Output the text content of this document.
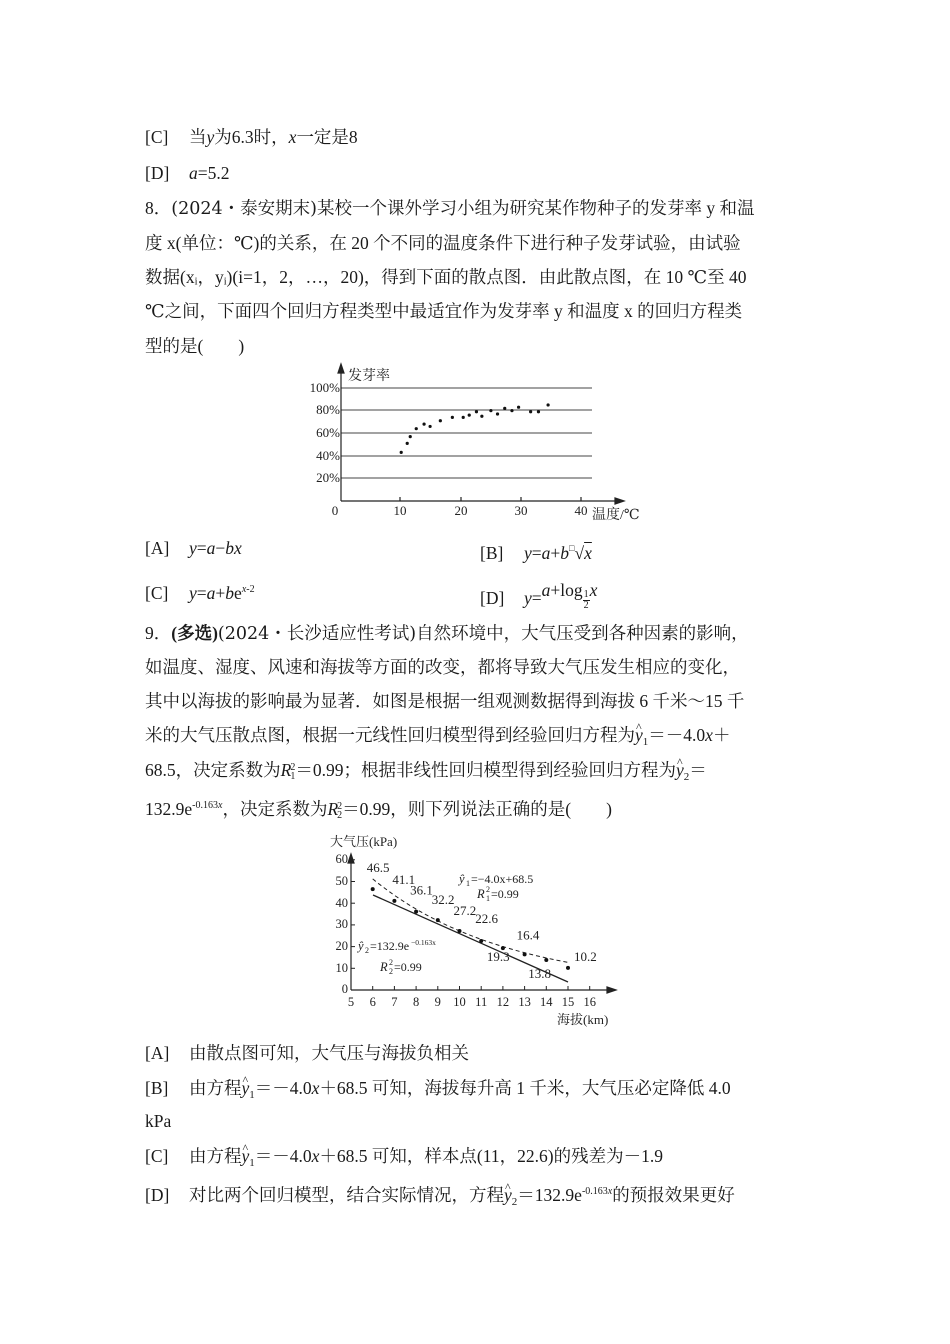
[C] 当y为6.3时，x一定是8
[D] a=5.2
8．(2024・泰安期末)某校一个课外学习小组为研究某作物种子的发芽率 y 和温
度 x(单位：℃)的关系，在 20 个不同的温度条件下进行种子发芽试验，由试验
数据(xᵢ，yᵢ)(i=1，2，…，20)，得到下面的散点图．由此散点图，在 10 ℃至 40
℃之间，下面四个回归方程类型中最适宜作为发芽率 y 和温度 x 的回归方程类
型的是(　　)
发芽率
100%
80%
60%
40%
20%
0	10	20	30	40 温度/℃
[A] y=a−bx	[B] y=a+b□√x
[C] $y=a+be^{x-2}$	[D] $y=a+\log \frac{1}{2}$ x
9．(多选)(2024・长沙适应性考试)自然环境中，大气压受到各种因素的影响，
如温度、湿度、风速和海拔等方面的改变，都将导致大气压发生相应的变化，
其中以海拔的影响最为显著．如图是根据一组观测数据得到海拔 6 千米～15 千
米的大气压散点图，根据一元线性回归模型得到经验回归方程为^ $y_1=-4.0x+$
68.5，决定系数为R 2
1 ＝0.99；根据非线性回归模型得到经验回归方程为^ $y_2=$
$132.9e^{-0.163x}$，决定系数为R 2
2 ＝0.99，则下列说法正确的是(　　)
46.5
41.1
36.1
32.2
27.2
22.6
19.3
16.4
13.8
10.2
大气压(kPa)
60
50
40
30
20
10
0
5 6 7 8 9 10 11 12 13 14 15 16
海拔(km)
ŷ 1 =−4.0x+68.5
R 2
1 =0.99
ŷ 2 =132.9e −0.163x
R 2
2 =0.99
[A] 由散点图可知，大气压与海拔负相关
[B] 由方程^ $y_1=-4.0x+68.5$ 可知，海拔每升高 1 千米，大气压必定降低 4.0
kPa
[C] 由方程^ $y_1=-4.0x+68.5$ 可知，样本点(11，22.6)的残差为－1.9
[D] 对比两个回归模型，结合实际情况，方程^ $y_2=132.9e^{-0.163x}$的预报效果更好
